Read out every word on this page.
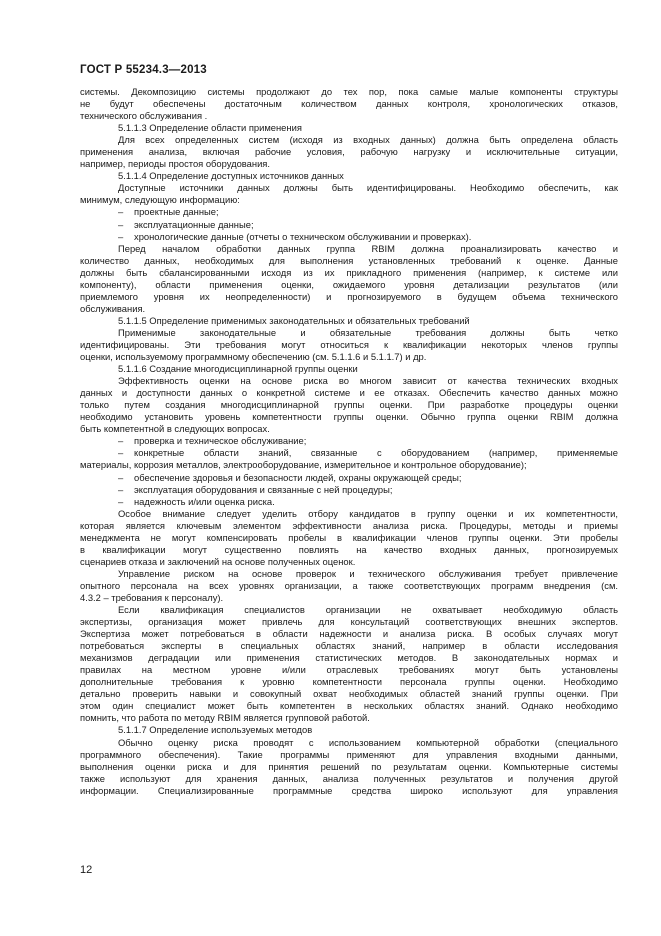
ГОСТ Р 55234.3—2013

системы. Декомпозицию системы продолжают до тех пор, пока самые малые компоненты структуры

не будут обеспечены достаточным количеством данных контроля, хронологических отказов,

технического обслуживания .

5.1.1.3 Определение области применения

Для всех определенных систем (исходя из входных данных) должна быть определена область

применения анализа, включая рабочие условия, рабочую нагрузку и исключительные ситуации,

например, периоды простоя оборудования.

5.1.1.4 Определение доступных источников данных

Доступные источники данных должны быть идентифицированы. Необходимо обеспечить, как

минимум, следующую информацию:

– проектные данные;

– эксплуатационные данные;

– хронологические данные (отчеты о техническом обслуживании и проверках).

Перед началом обработки данных группа RBIM должна проанализировать качество и

количество данных, необходимых для выполнения установленных требований к оценке. Данные

должны быть сбалансированными исходя из их прикладного применения (например, к системе или

компоненту), области применения оценки, ожидаемого уровня детализации результатов (или

приемлемого уровня их неопределенности) и прогнозируемого в будущем объема технического

обслуживания.

5.1.1.5 Определение применимых законодательных и обязательных требований

Применимые законодательные и обязательные требования должны быть четко

идентифицированы. Эти требования могут относиться к квалификации некоторых членов группы

оценки, используемому программному обеспечению (см. 5.1.1.6 и 5.1.1.7) и др.

5.1.1.6 Создание многодисциплинарной группы оценки

Эффективность оценки на основе риска во многом зависит от качества технических входных

данных и доступности данных о конкретной системе и ее отказах. Обеспечить качество данных можно

только путем создания многодисциплинарной группы оценки. При разработке процедуры оценки

необходимо установить уровень компетентности группы оценки. Обычно группа оценки RBIM должна

быть компетентной в следующих вопросах.

– проверка и техническое обслуживание;

– конкретные области знаний, связанные с оборудованием (например, применяемые

материалы, коррозия металлов, электрооборудование, измерительное и контрольное оборудование);

– обеспечение здоровья и безопасности людей, охраны окружающей среды;

– эксплуатация оборудования и связанные с ней процедуры;

– надежность и/или оценка риска.

Особое внимание следует уделить отбору кандидатов в группу оценки и их компетентности,

которая является ключевым элементом эффективности анализа риска. Процедуры, методы и приемы

менеджмента не могут компенсировать пробелы в квалификации членов группы оценки. Эти пробелы

в квалификации могут существенно повлиять на качество входных данных, прогнозируемых

сценариев отказа и заключений на основе полученных оценок.

Управление риском на основе проверок и технического обслуживания требует привлечение

опытного персонала на всех уровнях организации, а также соответствующих программ внедрения (см.

4.3.2 – требования к персоналу).

Если квалификация специалистов организации не охватывает необходимую область

экспертизы, организация может привлечь для консультаций соответствующих внешних экспертов.

Экспертиза может потребоваться в области надежности и анализа риска. В особых случаях могут

потребоваться эксперты в специальных областях знаний, например в области исследования

механизмов деградации или применения статистических методов. В законодательных нормах и

правилах на местном уровне и/или отраслевых требованиях могут быть установлены

дополнительные требования к уровню компетентности персонала группы оценки. Необходимо

детально проверить навыки и совокупный охват необходимых областей знаний группы оценки. При

этом один специалист может быть компетентен в нескольких областях знаний. Однако необходимо

помнить, что работа по методу RBIM является групповой работой.

5.1.1.7 Определение используемых методов

Обычно оценку риска проводят с использованием компьютерной обработки (специального

программного обеспечения). Такие программы применяют для управления входными данными,

выполнения оценки риска и для принятия решений по результатам оценки. Компьютерные системы

также используют для хранения данных, анализа полученных результатов и получения другой

информации. Специализированные программные средства широко используют для управления

12
